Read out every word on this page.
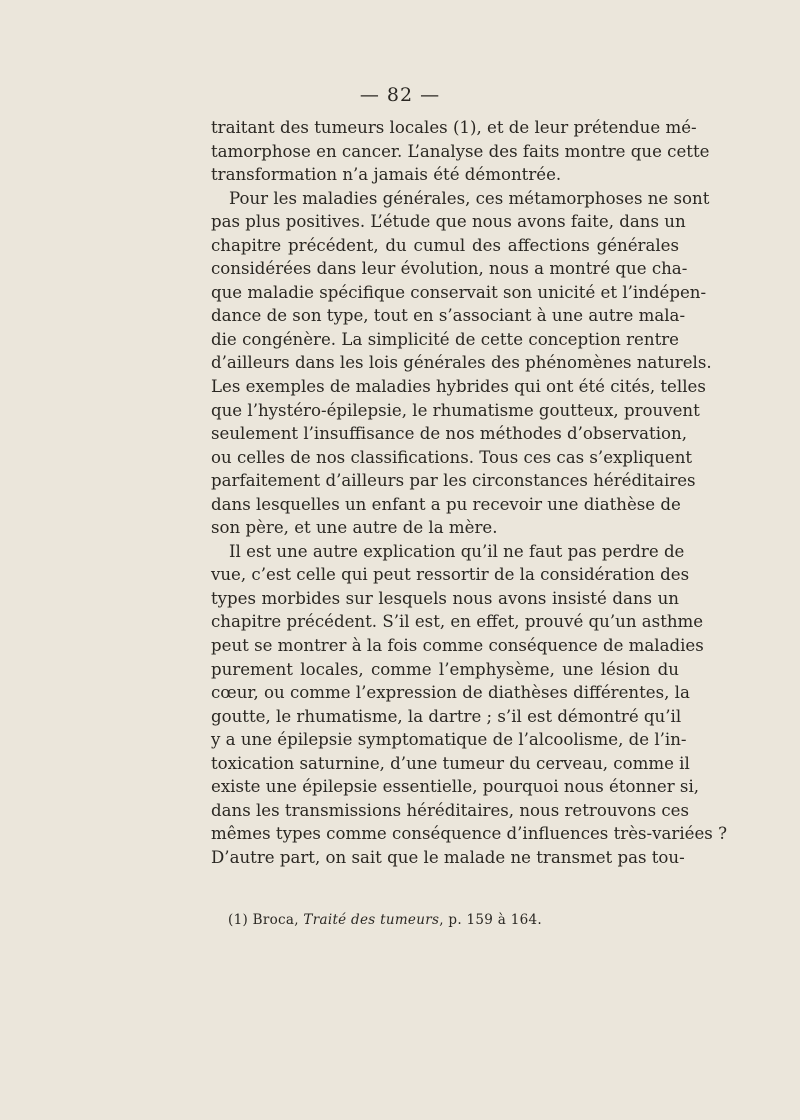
— 82 —
traitant des tumeurs locales (1), et de leur prétendue mé-
tamorphose en cancer. L’analyse des faits montre que cette
transformation n’a jamais été démontrée.
Pour les maladies générales, ces métamorphoses ne sont
pas plus positives. L’étude que nous avons faite, dans un
chapitre précédent, du cumul des affections générales
considérées dans leur évolution, nous a montré que cha-
que maladie spécifique conservait son unicité et l’indépen-
dance de son type, tout en s’associant à une autre mala-
die congénère. La simplicité de cette conception rentre
d’ailleurs dans les lois générales des phénomènes naturels.
Les exemples de maladies hybrides qui ont été cités, telles
que l’hystéro-épilepsie, le rhumatisme goutteux, prouvent
seulement l’insuffisance de nos méthodes d’observation,
ou celles de nos classifications. Tous ces cas s’expliquent
parfaitement d’ailleurs par les circonstances héréditaires
dans lesquelles un enfant a pu recevoir une diathèse de
son père, et une autre de la mère.
Il est une autre explication qu’il ne faut pas perdre de
vue, c’est celle qui peut ressortir de la considération des
types morbides sur lesquels nous avons insisté dans un
chapitre précédent. S’il est, en effet, prouvé qu’un asthme
peut se montrer à la fois comme conséquence de maladies
purement locales, comme l’emphysème, une lésion du
cœur, ou comme l’expression de diathèses différentes, la
goutte, le rhumatisme, la dartre ; s’il est démontré qu’il
y a une épilepsie symptomatique de l’alcoolisme, de l’in-
toxication saturnine, d’une tumeur du cerveau, comme il
existe une épilepsie essentielle, pourquoi nous étonner si,
dans les transmissions héréditaires, nous retrouvons ces
mêmes types comme conséquence d’influences très-variées ?
D’autre part, on sait que le malade ne transmet pas tou-
(1) Broca, Traité des tumeurs, p. 159 à 164.
